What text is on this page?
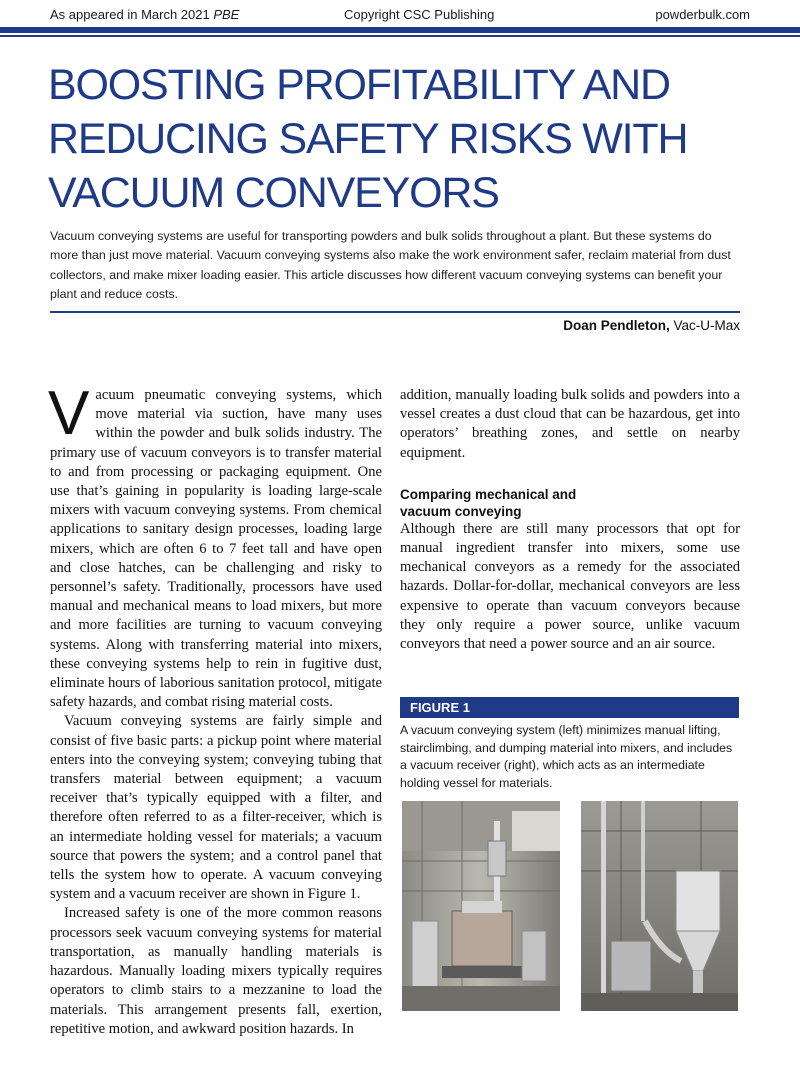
As appeared in March 2021 PBE	Copyright CSC Publishing	powderbulk.com
BOOSTING PROFITABILITY AND
REDUCING SAFETY RISKS WITH
VACUUM CONVEYORS
Vacuum conveying systems are useful for transporting powders and bulk solids throughout a plant. But these systems do more than just move material. Vacuum conveying systems also make the work environment safer, reclaim material from dust collectors, and make mixer loading easier. This article discusses how different vacuum conveying systems can benefit your plant and reduce costs.
Doan Pendleton, Vac-U-Max
V acuum pneumatic conveying systems, which move material via suction, have many uses within the powder and bulk solids industry. The primary use of vacuum conveyors is to transfer material to and from processing or packaging equipment. One use that’s gaining in popularity is loading large-scale mixers with vacuum conveying systems. From chemical applications to sanitary design processes, loading large mixers, which are often 6 to 7 feet tall and have open and close hatches, can be challenging and risky to personnel’s safety. Traditionally, processors have used manual and mechanical means to load mixers, but more and more facilities are turning to vacuum conveying systems. Along with transferring material into mixers, these conveying systems help to rein in fugitive dust, eliminate hours of laborious sanitation protocol, mitigate safety hazards, and combat rising material costs.

Vacuum conveying systems are fairly simple and consist of five basic parts: a pickup point where material enters into the conveying system; conveying tubing that transfers material between equipment; a vacuum receiver that’s typically equipped with a filter, and therefore often referred to as a filter-receiver, which is an intermediate holding vessel for materials; a vacuum source that powers the system; and a control panel that tells the system how to operate. A vacuum conveying system and a vacuum receiver are shown in Figure 1.

Increased safety is one of the more common reasons processors seek vacuum conveying systems for material transportation, as manually handling materials is hazardous. Manually loading mixers typically requires operators to climb stairs to a mezzanine to load the materials. This arrangement presents fall, exertion, repetitive motion, and awkward position hazards. In

addition, manually loading bulk solids and powders into a vessel creates a dust cloud that can be hazardous, get into operators’ breathing zones, and settle on nearby equipment.

Comparing mechanical and
vacuum conveying

Although there are still many processors that opt for manual ingredient transfer into mixers, some use mechanical conveyors as a remedy for the associated hazards. Dollar-for-dollar, mechanical conveyors are less expensive to operate than vacuum conveyors because they only require a power source, unlike vacuum conveyors that need a power source and an air source.

FIGURE 1
A vacuum conveying system (left) minimizes manual lifting, stairclimbing, and dumping material into mixers, and includes a vacuum receiver (right), which acts as an intermediate holding vessel for materials.
